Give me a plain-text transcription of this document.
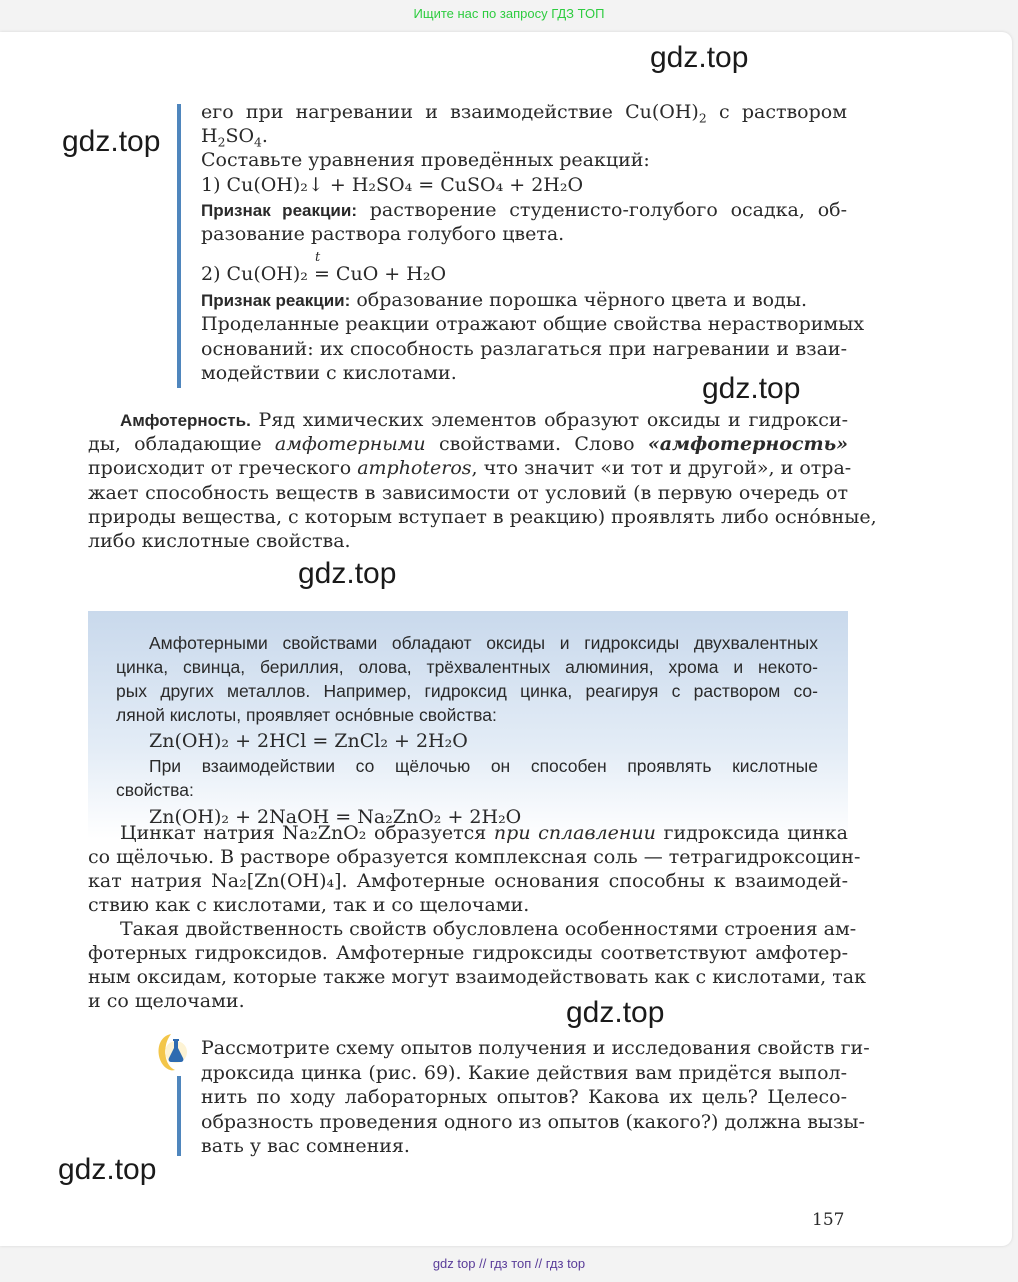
Ищите нас по запросу ГДЗ ТОП
gdz.top
gdz.top
gdz.top
gdz.top
gdz.top
gdz.top
его при нагревании и взаимодействие $Cu(OH)_2$ с раствором
$H_2SO_4$.
Составьте уравнения проведённых реакций:
1) Cu(OH)₂↓ + H₂SO₄ = CuSO₄ + 2H₂O
Признак реакции: растворение студенисто-голубого осадка, об-
разование раствора голубого цвета.
2) Cu(OH)₂
t
= CuO + H₂O
Признак реакции: образование порошка чёрного цвета и воды.
Проделанные реакции отражают общие свойства нерастворимых
оснований: их способность разлагаться при нагревании и взаи-
модействии с кислотами.
Амфотерность. Ряд химических элементов образуют оксиды и гидрокси-
ды, обладающие амфотерными свойствами. Слово «амфотерность»
происходит от греческого amphoteros, что значит «и тот и другой», и отра-
жает способность веществ в зависимости от условий (в первую очередь от
природы вещества, с которым вступает в реакцию) проявлять либо осно́вные,
либо кислотные свойства.
Амфотерными свойствами обладают оксиды и гидроксиды двухвалентных
цинка, свинца, бериллия, олова, трёхвалентных алюминия, хрома и некото-
рых других металлов. Например, гидроксид цинка, реагируя с раствором со-
ляной кислоты, проявляет осно́вные свойства:
Zn(OH)₂ + 2HCl = ZnCl₂ + 2H₂O
При взаимодействии со щёлочью он способен проявлять кислотные
свойства:
Zn(OH)₂ + 2NaOH = Na₂ZnO₂ + 2H₂O
Цинкат натрия Na₂ZnO₂ образуется при сплавлении гидроксида цинка
со щёлочью. В растворе образуется комплексная соль — тетрагидроксоцин-
кат натрия Na₂[Zn(OH)₄]. Амфотерные основания способны к взаимодей-
ствию как с кислотами, так и со щелочами.
Такая двойственность свойств обусловлена особенностями строения ам-
фотерных гидроксидов. Амфотерные гидроксиды соответствуют амфотер-
ным оксидам, которые также могут взаимодействовать как с кислотами, так
и со щелочами.
Рассмотрите схему опытов получения и исследования свойств ги-
дроксида цинка (рис. 69). Какие действия вам придётся выпол-
нить по ходу лабораторных опытов? Какова их цель? Целесо-
образность проведения одного из опытов (какого?) должна вызы-
вать у вас сомнения.
157
gdz top // гдз топ // гдз top
